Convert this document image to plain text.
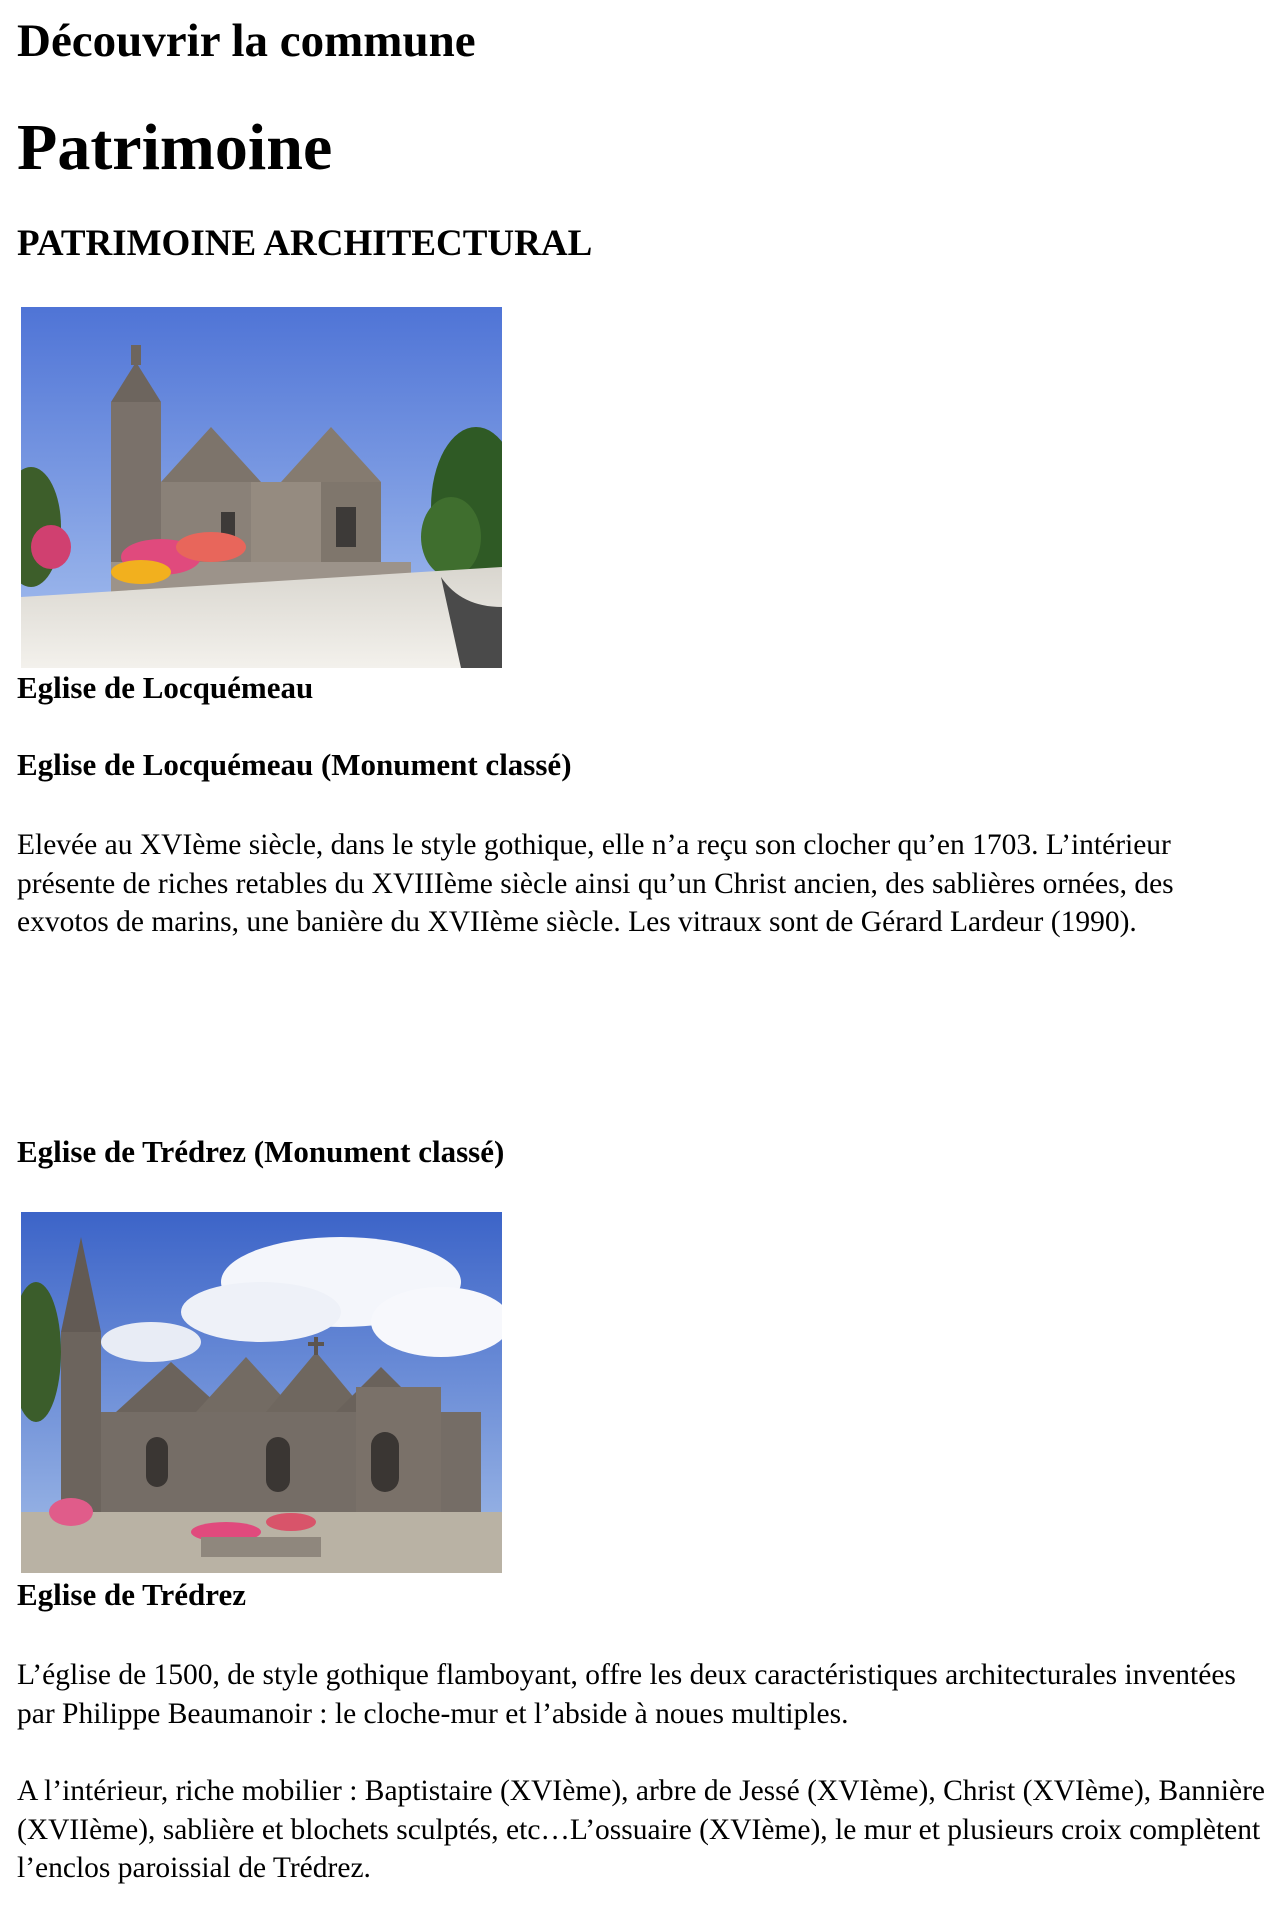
Découvrir la commune
Patrimoine
PATRIMOINE ARCHITECTURAL

Eglise de Locquémeau

Eglise de Locquémeau (Monument classé)

Elevée au XVIème siècle, dans le style gothique, elle n’a reçu son clocher qu’en 1703. L’intérieur présente de riches retables du XVIIIème siècle ainsi qu’un Christ ancien, des sablières ornées, des exvotos de marins, une banière du XVIIème siècle. Les vitraux sont de Gérard Lardeur (1990).

Eglise de Trédrez (Monument classé)

Eglise de Trédrez

L’église de 1500, de style gothique flamboyant, offre les deux caractéristiques architecturales inventées par Philippe Beaumanoir : le cloche-mur et l’abside à noues multiples.

A l’intérieur, riche mobilier : Baptistaire (XVIème), arbre de Jessé (XVIème), Christ (XVIème), Bannière (XVIIème), sablière et blochets sculptés, etc…L’ossuaire (XVIème), le mur et plusieurs croix complètent l’enclos paroissial de Trédrez.
